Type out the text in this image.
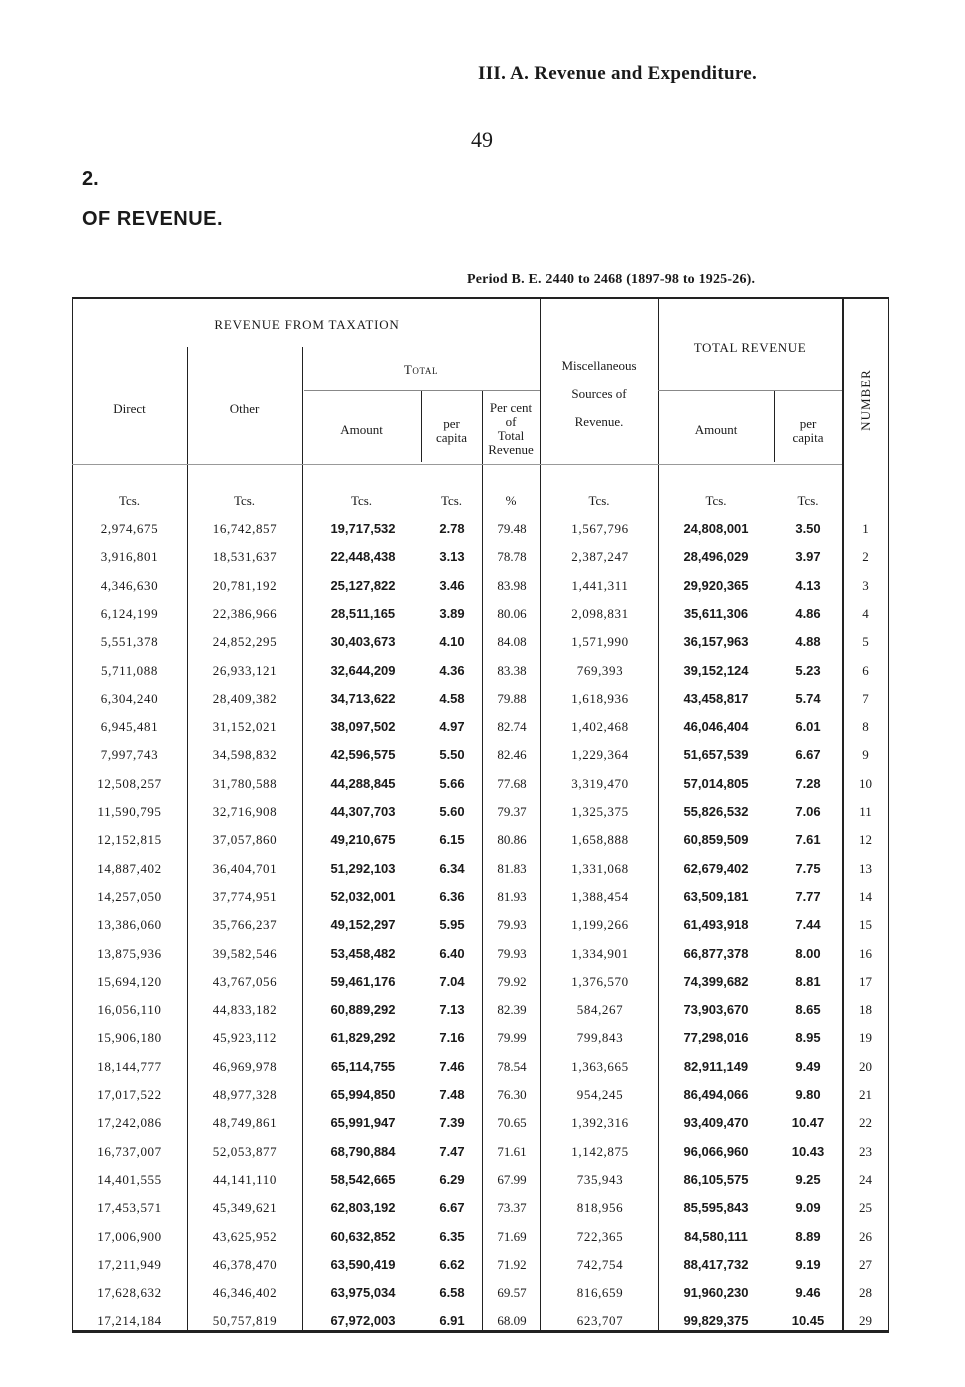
III. A. Revenue and Expenditure.
49
2.
OF REVENUE.
Period B. E. 2440 to 2468 (1897-98 to 1925-26).
REVENUE FROM TAXATION
Direct	Other
Total
Amount	per
capita
Per cent
of
Total
Revenue
Miscellaneous
Sources of
Revenue.
TOTAL REVENUE
Amount	per
capita
NUMBER
Tcs.	Tcs.	Tcs.	Tcs.	%	Tcs.	Tcs.	Tcs.
2,974,675	16,742,857	19,717,532	2.78	79.48	1,567,796	24,808,001	3.50	1
3,916,801	18,531,637	22,448,438	3.13	78.78	2,387,247	28,496,029	3.97	2
4,346,630	20,781,192	25,127,822	3.46	83.98	1,441,311	29,920,365	4.13	3
6,124,199	22,386,966	28,511,165	3.89	80.06	2,098,831	35,611,306	4.86	4
5,551,378	24,852,295	30,403,673	4.10	84.08	1,571,990	36,157,963	4.88	5
5,711,088	26,933,121	32,644,209	4.36	83.38	769,393	39,152,124	5.23	6
6,304,240	28,409,382	34,713,622	4.58	79.88	1,618,936	43,458,817	5.74	7
6,945,481	31,152,021	38,097,502	4.97	82.74	1,402,468	46,046,404	6.01	8
7,997,743	34,598,832	42,596,575	5.50	82.46	1,229,364	51,657,539	6.67	9
12,508,257	31,780,588	44,288,845	5.66	77.68	3,319,470	57,014,805	7.28	10
11,590,795	32,716,908	44,307,703	5.60	79.37	1,325,375	55,826,532	7.06	11
12,152,815	37,057,860	49,210,675	6.15	80.86	1,658,888	60,859,509	7.61	12
14,887,402	36,404,701	51,292,103	6.34	81.83	1,331,068	62,679,402	7.75	13
14,257,050	37,774,951	52,032,001	6.36	81.93	1,388,454	63,509,181	7.77	14
13,386,060	35,766,237	49,152,297	5.95	79.93	1,199,266	61,493,918	7.44	15
13,875,936	39,582,546	53,458,482	6.40	79.93	1,334,901	66,877,378	8.00	16
15,694,120	43,767,056	59,461,176	7.04	79.92	1,376,570	74,399,682	8.81	17
16,056,110	44,833,182	60,889,292	7.13	82.39	584,267	73,903,670	8.65	18
15,906,180	45,923,112	61,829,292	7.16	79.99	799,843	77,298,016	8.95	19
18,144,777	46,969,978	65,114,755	7.46	78.54	1,363,665	82,911,149	9.49	20
17,017,522	48,977,328	65,994,850	7.48	76.30	954,245	86,494,066	9.80	21
17,242,086	48,749,861	65,991,947	7.39	70.65	1,392,316	93,409,470	10.47	22
16,737,007	52,053,877	68,790,884	7.47	71.61	1,142,875	96,066,960	10.43	23
14,401,555	44,141,110	58,542,665	6.29	67.99	735,943	86,105,575	9.25	24
17,453,571	45,349,621	62,803,192	6.67	73.37	818,956	85,595,843	9.09	25
17,006,900	43,625,952	60,632,852	6.35	71.69	722,365	84,580,111	8.89	26
17,211,949	46,378,470	63,590,419	6.62	71.92	742,754	88,417,732	9.19	27
17,628,632	46,346,402	63,975,034	6.58	69.57	816,659	91,960,230	9.46	28
17,214,184	50,757,819	67,972,003	6.91	68.09	623,707	99,829,375	10.45	29
